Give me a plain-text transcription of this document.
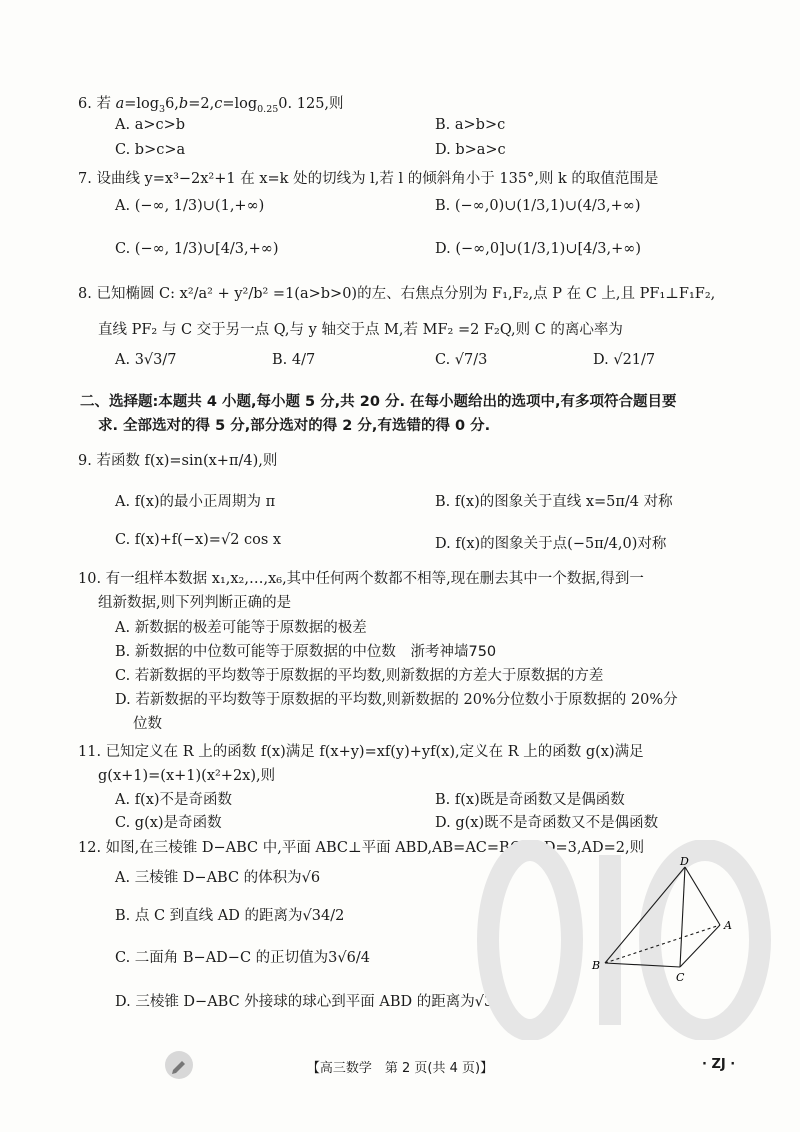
6. 若 $a=\log_36,b=2,c=\log_{0.25}0$. 125,则
A. a>c>b	B. a>b>c
C. b>c>a	D. b>a>c
7. 设曲线 y=x³−2x²+1 在 x=k 处的切线为 l,若 l 的倾斜角小于 135°,则 k 的取值范围是
A. (−∞, 1/3)∪(1,+∞)	B. (−∞,0)∪(1/3,1)∪(4/3,+∞)
C. (−∞, 1/3)∪[4/3,+∞)	D. (−∞,0]∪(1/3,1)∪[4/3,+∞)
8. 已知椭圆 C: x²/a² + y²/b² =1(a>b>0)的左、右焦点分别为 F₁,F₂,点 P 在 C 上,且 PF₁⊥F₁F₂,
直线 PF₂ 与 C 交于另一点 Q,与 y 轴交于点 M,若 MF₂ =2 F₂Q,则 C 的离心率为
A. 3√3/7	B. 4/7	C. √7/3	D. √21/7
二、选择题:本题共 4 小题,每小题 5 分,共 20 分. 在每小题给出的选项中,有多项符合题目要
求. 全部选对的得 5 分,部分选对的得 2 分,有选错的得 0 分.
9. 若函数 f(x)=sin(x+π/4),则
A. f(x)的最小正周期为 π	B. f(x)的图象关于直线 x=5π/4 对称
C. f(x)+f(−x)=√2 cos x	D. f(x)的图象关于点(−5π/4,0)对称
10. 有一组样本数据 x₁,x₂,…,x₆,其中任何两个数都不相等,现在删去其中一个数据,得到一
组新数据,则下列判断正确的是
A. 新数据的极差可能等于原数据的极差
B. 新数据的中位数可能等于原数据的中位数 浙考神墙750
C. 若新数据的平均数等于原数据的平均数,则新数据的方差大于原数据的方差
D. 若新数据的平均数等于原数据的平均数,则新数据的 20%分位数小于原数据的 20%分
位数
11. 已知定义在 R 上的函数 f(x)满足 f(x+y)=xf(y)+yf(x),定义在 R 上的函数 g(x)满足
g(x+1)=(x+1)(x²+2x),则
A. f(x)不是奇函数	B. f(x)既是奇函数又是偶函数
C. g(x)是奇函数	D. g(x)既不是奇函数又不是偶函数
12. 如图,在三棱锥 D−ABC 中,平面 ABC⊥平面 ABD,AB=AC=BC=BD=3,AD=2,则
A. 三棱锥 D−ABC 的体积为√6
B. 点 C 到直线 AD 的距离为√34/2
C. 二面角 B−AD−C 的正切值为3√6/4
D. 三棱锥 D−ABC 外接球的球心到平面 ABD 的距离为√3/2
D
A
B
C
【高三数学　第 2 页(共 4 页)】	· ZJ ·
